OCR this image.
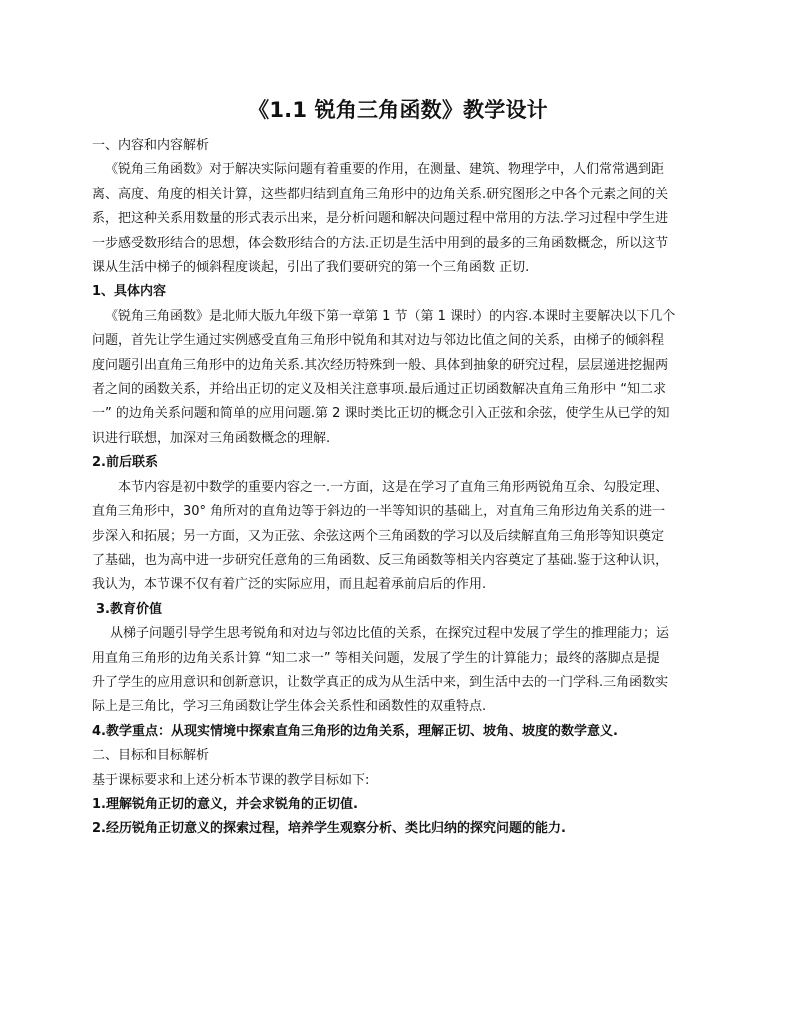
《1.1 锐角三角函数》教学设计
一、内容和内容解析
《锐角三角函数》对于解决实际问题有着重要的作用，在测量、建筑、物理学中，人们常常遇到距
离、高度、角度的相关计算，这些都归结到直角三角形中的边角关系.研究图形之中各个元素之间的关
系，把这种关系用数量的形式表示出来，是分析问题和解决问题过程中常用的方法.学习过程中学生进
一步感受数形结合的思想，体会数形结合的方法.正切是生活中用到的最多的三角函数概念，所以这节
课从生活中梯子的倾斜程度谈起，引出了我们要研究的第一个三角函数 正切.
1、具体内容
《锐角三角函数》是北师大版九年级下第一章第 1 节（第 1 课时）的内容.本课时主要解决以下几个
问题，首先让学生通过实例感受直角三角形中锐角和其对边与邻边比值之间的关系，由梯子的倾斜程
度问题引出直角三角形中的边角关系.其次经历特殊到一般、具体到抽象的研究过程，层层递进挖掘两
者之间的函数关系，并给出正切的定义及相关注意事项.最后通过正切函数解决直角三角形中 “知二求
一” 的边角关系问题和简单的应用问题.第 2 课时类比正切的概念引入正弦和余弦，使学生从已学的知
识进行联想，加深对三角函数概念的理解.
2.前后联系
本节内容是初中数学的重要内容之一.一方面，这是在学习了直角三角形两锐角互余、勾股定理、
直角三角形中，30° 角所对的直角边等于斜边的一半等知识的基础上，对直角三角形边角关系的进一
步深入和拓展；另一方面，又为正弦、余弦这两个三角函数的学习以及后续解直角三角形等知识奠定
了基础，也为高中进一步研究任意角的三角函数、反三角函数等相关内容奠定了基础.鉴于这种认识，
我认为，本节课不仅有着广泛的实际应用，而且起着承前启后的作用.
3.教育价值
从梯子问题引导学生思考锐角和对边与邻边比值的关系，在探究过程中发展了学生的推理能力；运
用直角三角形的边角关系计算 “知二求一” 等相关问题，发展了学生的计算能力；最终的落脚点是提
升了学生的应用意识和创新意识，让数学真正的成为从生活中来，到生活中去的一门学科.三角函数实
际上是三角比，学习三角函数让学生体会关系性和函数性的双重特点.
4.教学重点：从现实情境中探索直角三角形的边角关系，理解正切、坡角、坡度的数学意义.
二、目标和目标解析
基于课标要求和上述分析本节课的教学目标如下:
1.理解锐角正切的意义，并会求锐角的正切值.
2.经历锐角正切意义的探索过程，培养学生观察分析、类比归纳的探究问题的能力.
